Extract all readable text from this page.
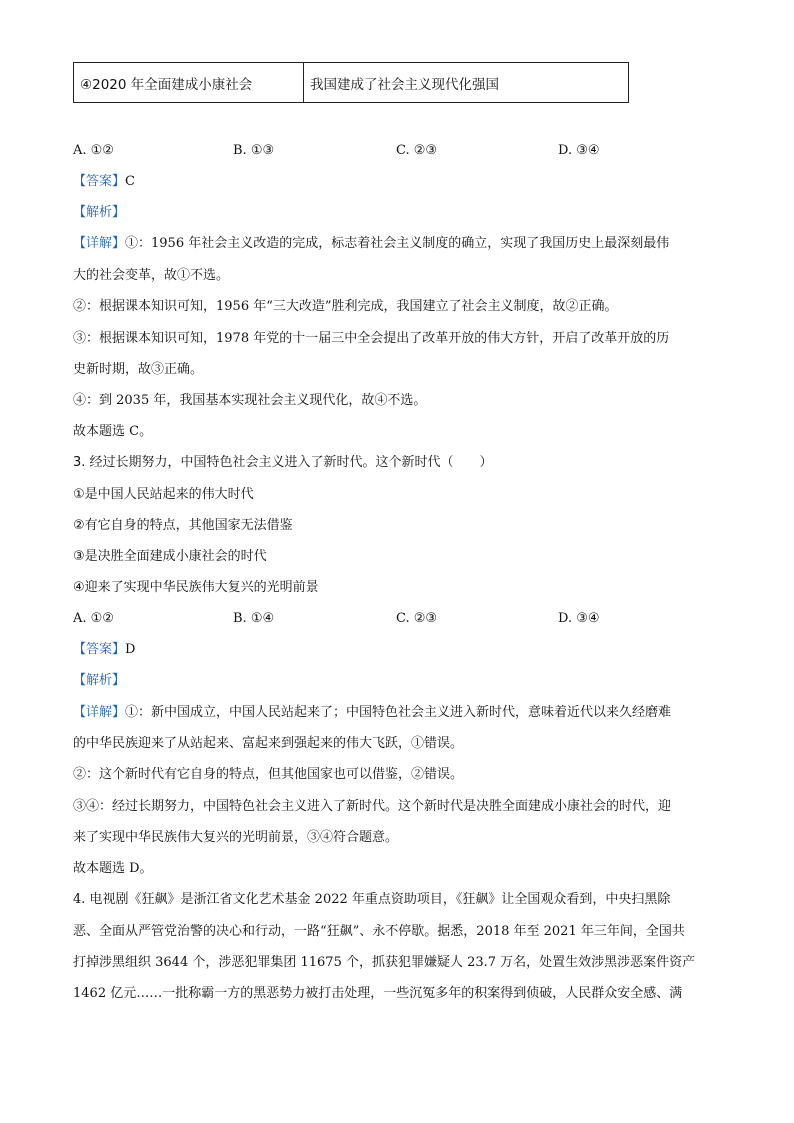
④2020 年全面建成小康社会	我国建成了社会主义现代化强国
A. ①②	B. ①③	C. ②③	D. ③④
【答案】C
【解析】
【详解】①：1956 年社会主义改造的完成，标志着社会主义制度的确立，实现了我国历史上最深刻最伟
大的社会变革，故①不选。
②：根据课本知识可知，1956 年“三大改造”胜利完成，我国建立了社会主义制度，故②正确。
③：根据课本知识可知，1978 年党的十一届三中全会提出了改革开放的伟大方针，开启了改革开放的历
史新时期，故③正确。
④：到 2035 年，我国基本实现社会主义现代化，故④不选。
故本题选 C。
3. 经过长期努力，中国特色社会主义进入了新时代。这个新时代（　　）
①是中国人民站起来的伟大时代
②有它自身的特点，其他国家无法借鉴
③是决胜全面建成小康社会的时代
④迎来了实现中华民族伟大复兴的光明前景
A. ①②	B. ①④	C. ②③	D. ③④
【答案】D
【解析】
【详解】①：新中国成立，中国人民站起来了；中国特色社会主义进入新时代，意味着近代以来久经磨难
的中华民族迎来了从站起来、富起来到强起来的伟大飞跃，①错误。
②：这个新时代有它自身的特点，但其他国家也可以借鉴，②错误。
③④：经过长期努力，中国特色社会主义进入了新时代。这个新时代是决胜全面建成小康社会的时代，迎
来了实现中华民族伟大复兴的光明前景，③④符合题意。
故本题选 D。
4. 电视剧《狂飙》是浙江省文化艺术基金 2022 年重点资助项目，《狂飙》让全国观众看到，中央扫黑除
恶、全面从严管党治警的决心和行动，一路“狂飙”、永不停歇。据悉，2018 年至 2021 年三年间，全国共
打掉涉黑组织 3644 个，涉恶犯罪集团 11675 个，抓获犯罪嫌疑人 23.7 万名，处置生效涉黑涉恶案件资产
1462 亿元……一批称霸一方的黑恶势力被打击处理，一些沉冤多年的积案得到侦破，人民群众安全感、满
